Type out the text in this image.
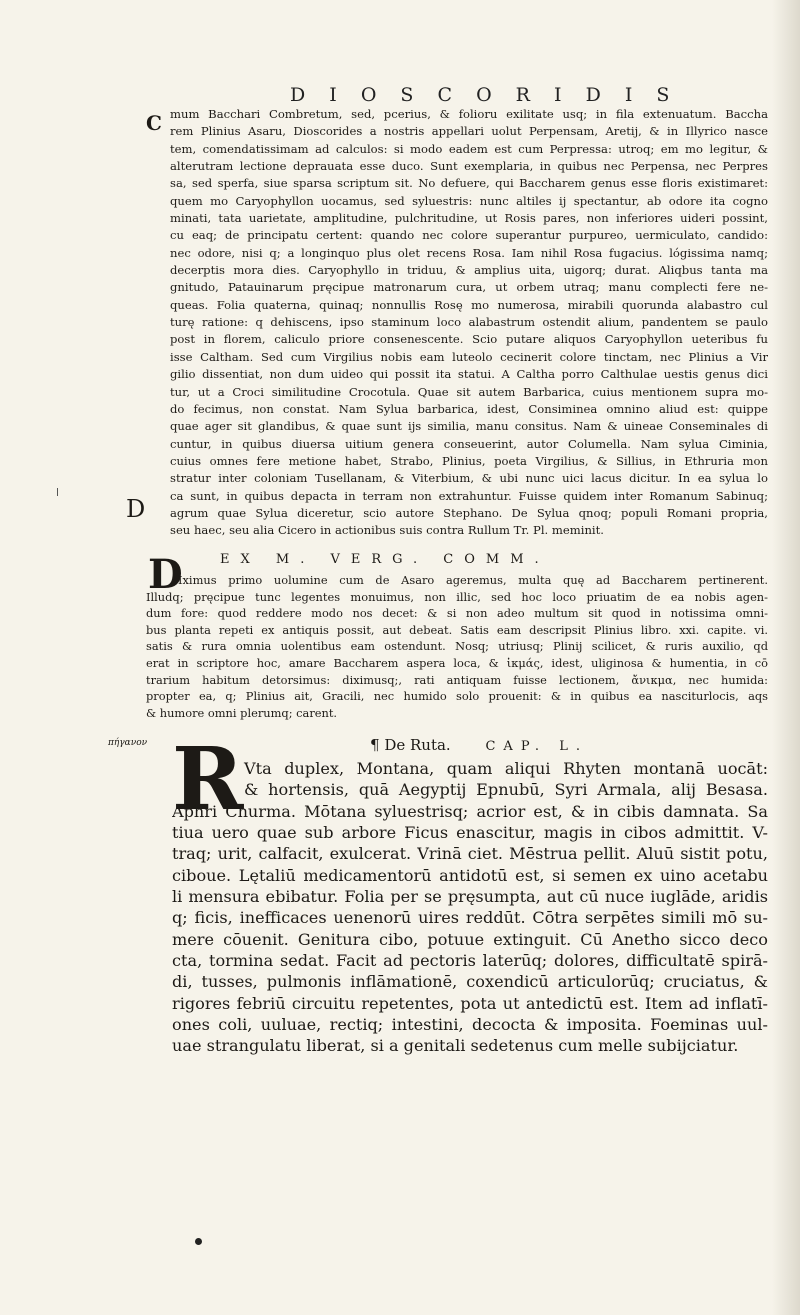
D I O S C O R I D I S
C
D
πήγανον
mum Bacchari Combretum, sed, pcerius, & folioru exilitate usq; in fila extenuatum. Baccha
rem Plinius Asaru, Dioscorides a nostris appellari uolut Perpensam, Aretij, & in Illyrico nasce
tem, comendatissimam ad calculos: si modo eadem est cum Perpressa: utroq; em mo legitur, &
alterutram lectione deprauata esse duco. Sunt exemplaria, in quibus nec Perpensa, nec Perpres
sa, sed sperfa, siue sparsa scriptum sit. No defuere, qui Baccharem genus esse floris existimaret:
quem mo Caryophyllon uocamus, sed syluestris: nunc altiles ij spectantur, ab odore ita cogno
minati, tata uarietate, amplitudine, pulchritudine, ut Rosis pares, non inferiores uideri possint,
cu eaq; de principatu certent: quando nec colore superantur purpureo, uermiculato, candido:
nec odore, nisi q; a longinquo plus olet recens Rosa. Iam nihil Rosa fugacius. lógissima namq;
decerptis mora dies. Caryophyllo in triduu, & amplius uita, uigorq; durat. Aliqbus tanta ma
gnitudo, Patauinarum pręcipue matronarum cura, ut orbem utraq; manu complecti fere ne-
queas. Folia quaterna, quinaq; nonnullis Rosę mo numerosa, mirabili quorunda alabastro cul
turę ratione: q dehiscens, ipso staminum loco alabastrum ostendit alium, pandentem se paulo
post in florem, caliculo priore consenescente. Scio putare aliquos Caryophyllon ueteribus fu
isse Caltham. Sed cum Virgilius nobis eam luteolo cecinerit colore tinctam, nec Plinius a Vir
gilio dissentiat, non dum uideo qui possit ita statui. A Caltha porro Calthulae uestis genus dici
tur, ut a Croci similitudine Crocotula. Quae sit autem Barbarica, cuius mentionem supra mo-
do fecimus, non constat. Nam Sylua barbarica, idest, Consiminea omnino aliud est: quippe
quae ager sit glandibus, & quae sunt ijs similia, manu consitus. Nam & uineae Conseminales di
cuntur, in quibus diuersa uitium genera conseuerint, autor Columella. Nam sylua Ciminia,
cuius omnes fere metione habet, Strabo, Plinius, poeta Virgilius, & Sillius, in Ethruria mon
stratur inter coloniam Tusellanam, & Viterbium, & ubi nunc uici lacus dicitur. In ea sylua lo
ca sunt, in quibus depacta in terram non extrahuntur. Fuisse quidem inter Romanum Sabinuq;
agrum quae Sylua diceretur, scio autore Stephano. De Sylua qnoq; populi Romani propria,
seu haec, seu alia Cicero in actionibus suis contra Rullum Tr. Pl. meminit.
D	EX M. VERG. COMM.
Iximus primo uolumine cum de Asaro ageremus, multa quę ad Baccharem pertinerent.
Illudq; pręcipue tunc legentes monuimus, non illic, sed hoc loco priuatim de ea nobis agen-
dum fore: quod reddere modo nos decet: & si non adeo multum sit quod in notissima omni-
bus planta repeti ex antiquis possit, aut debeat. Satis eam descripsit Plinius libro. xxi. capite. vi.
satis & rura omnia uolentibus eam ostendunt. Nosq; utriusq; Plinij scilicet, & ruris auxilio, qd
erat in scriptore hoc, amare Baccharem aspera loca, & ἰκμάς, idest, uliginosa & humentia, in cō
trarium habitum detorsimus: diximusq;, rati antiquam fuisse lectionem, ἄνικμα, nec humida:
propter ea, q; Plinius ait, Gracili, nec humido solo prouenit: & in quibus ea nasciturlocis, aqs
& humore omni plerumq; carent.
¶ De Ruta.	CAP. L.
R Vta duplex, Montana, quam aliqui Rhyten montanā uocāt:
& hortensis, quā Aegyptij Epnubū, Syri Armala, alij Besasa.
Aphri Churma. Mōtana syluestrisq; acrior est, & in cibis damnata. Sa
tiua uero quae sub arbore Ficus enascitur, magis in cibos admittit. V-
traq; urit, calfacit, exulcerat. Vrinā ciet. Mēstrua pellit. Aluū sistit potu,
ciboue. Lętaliū medicamentorū antidotū est, si semen ex uino acetabu
li mensura ebibatur. Folia per se pręsumpta, aut cū nuce iuglāde, aridis
q; ficis, inefficaces uenenorū uires reddūt. Cōtra serpētes simili mō su-
mere cōuenit. Genitura cibo, potuue extinguit. Cū Anetho sicco deco
cta, tormina sedat. Facit ad pectoris laterūq; dolores, difficultatē spirā-
di, tusses, pulmonis inflāmationē, coxendicū articulorūq; cruciatus, &
rigores febriū circuitu repetentes, pota ut antedictū est. Item ad inflatī-
ones coli, uuluae, rectiq; intestini, decocta & imposita. Foeminas uul-
uae strangulatu liberat, si a genitali sedetenus cum melle subijciatur.
